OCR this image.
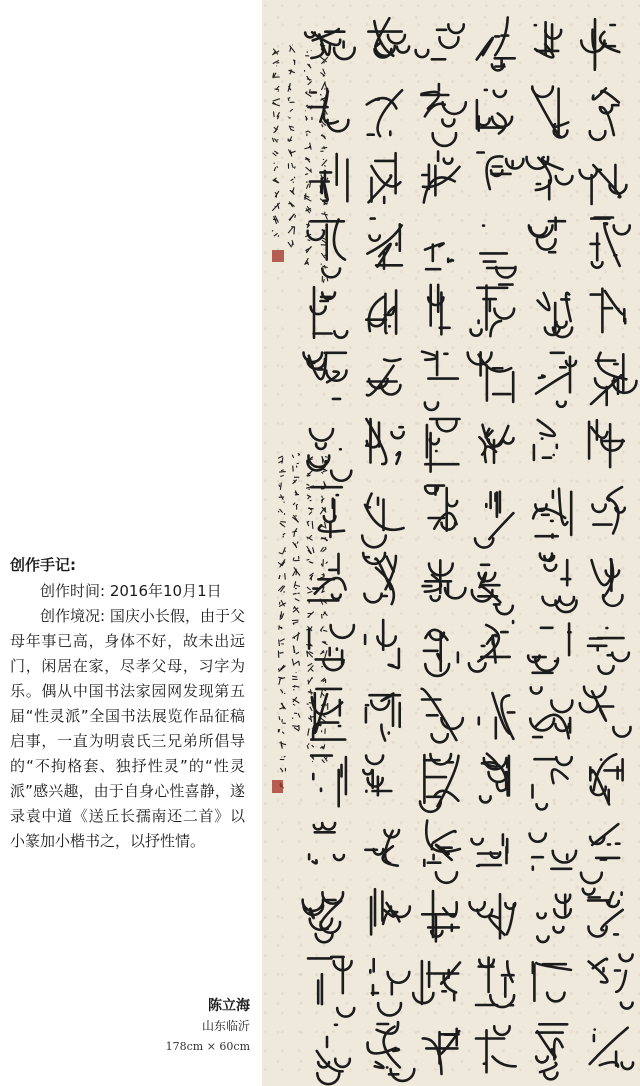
创作手记:

创作时间: 2016年10月1日

创作境况: 国庆小长假，由于父母年事已高，身体不好，故未出远门，闲居在家，尽孝父母，习字为乐。偶从中国书法家园网发现第五届“性灵派”全国书法展览作品征稿启事，一直为明袁氏三兄弟所倡导的“不拘格套、独抒性灵”的“性灵派”感兴趣，由于自身心性喜静，遂录袁中道《送丘长孺南还二首》以小篆加小楷书之，以抒性情。

陈立海
山东临沂
178cm × 60cm
